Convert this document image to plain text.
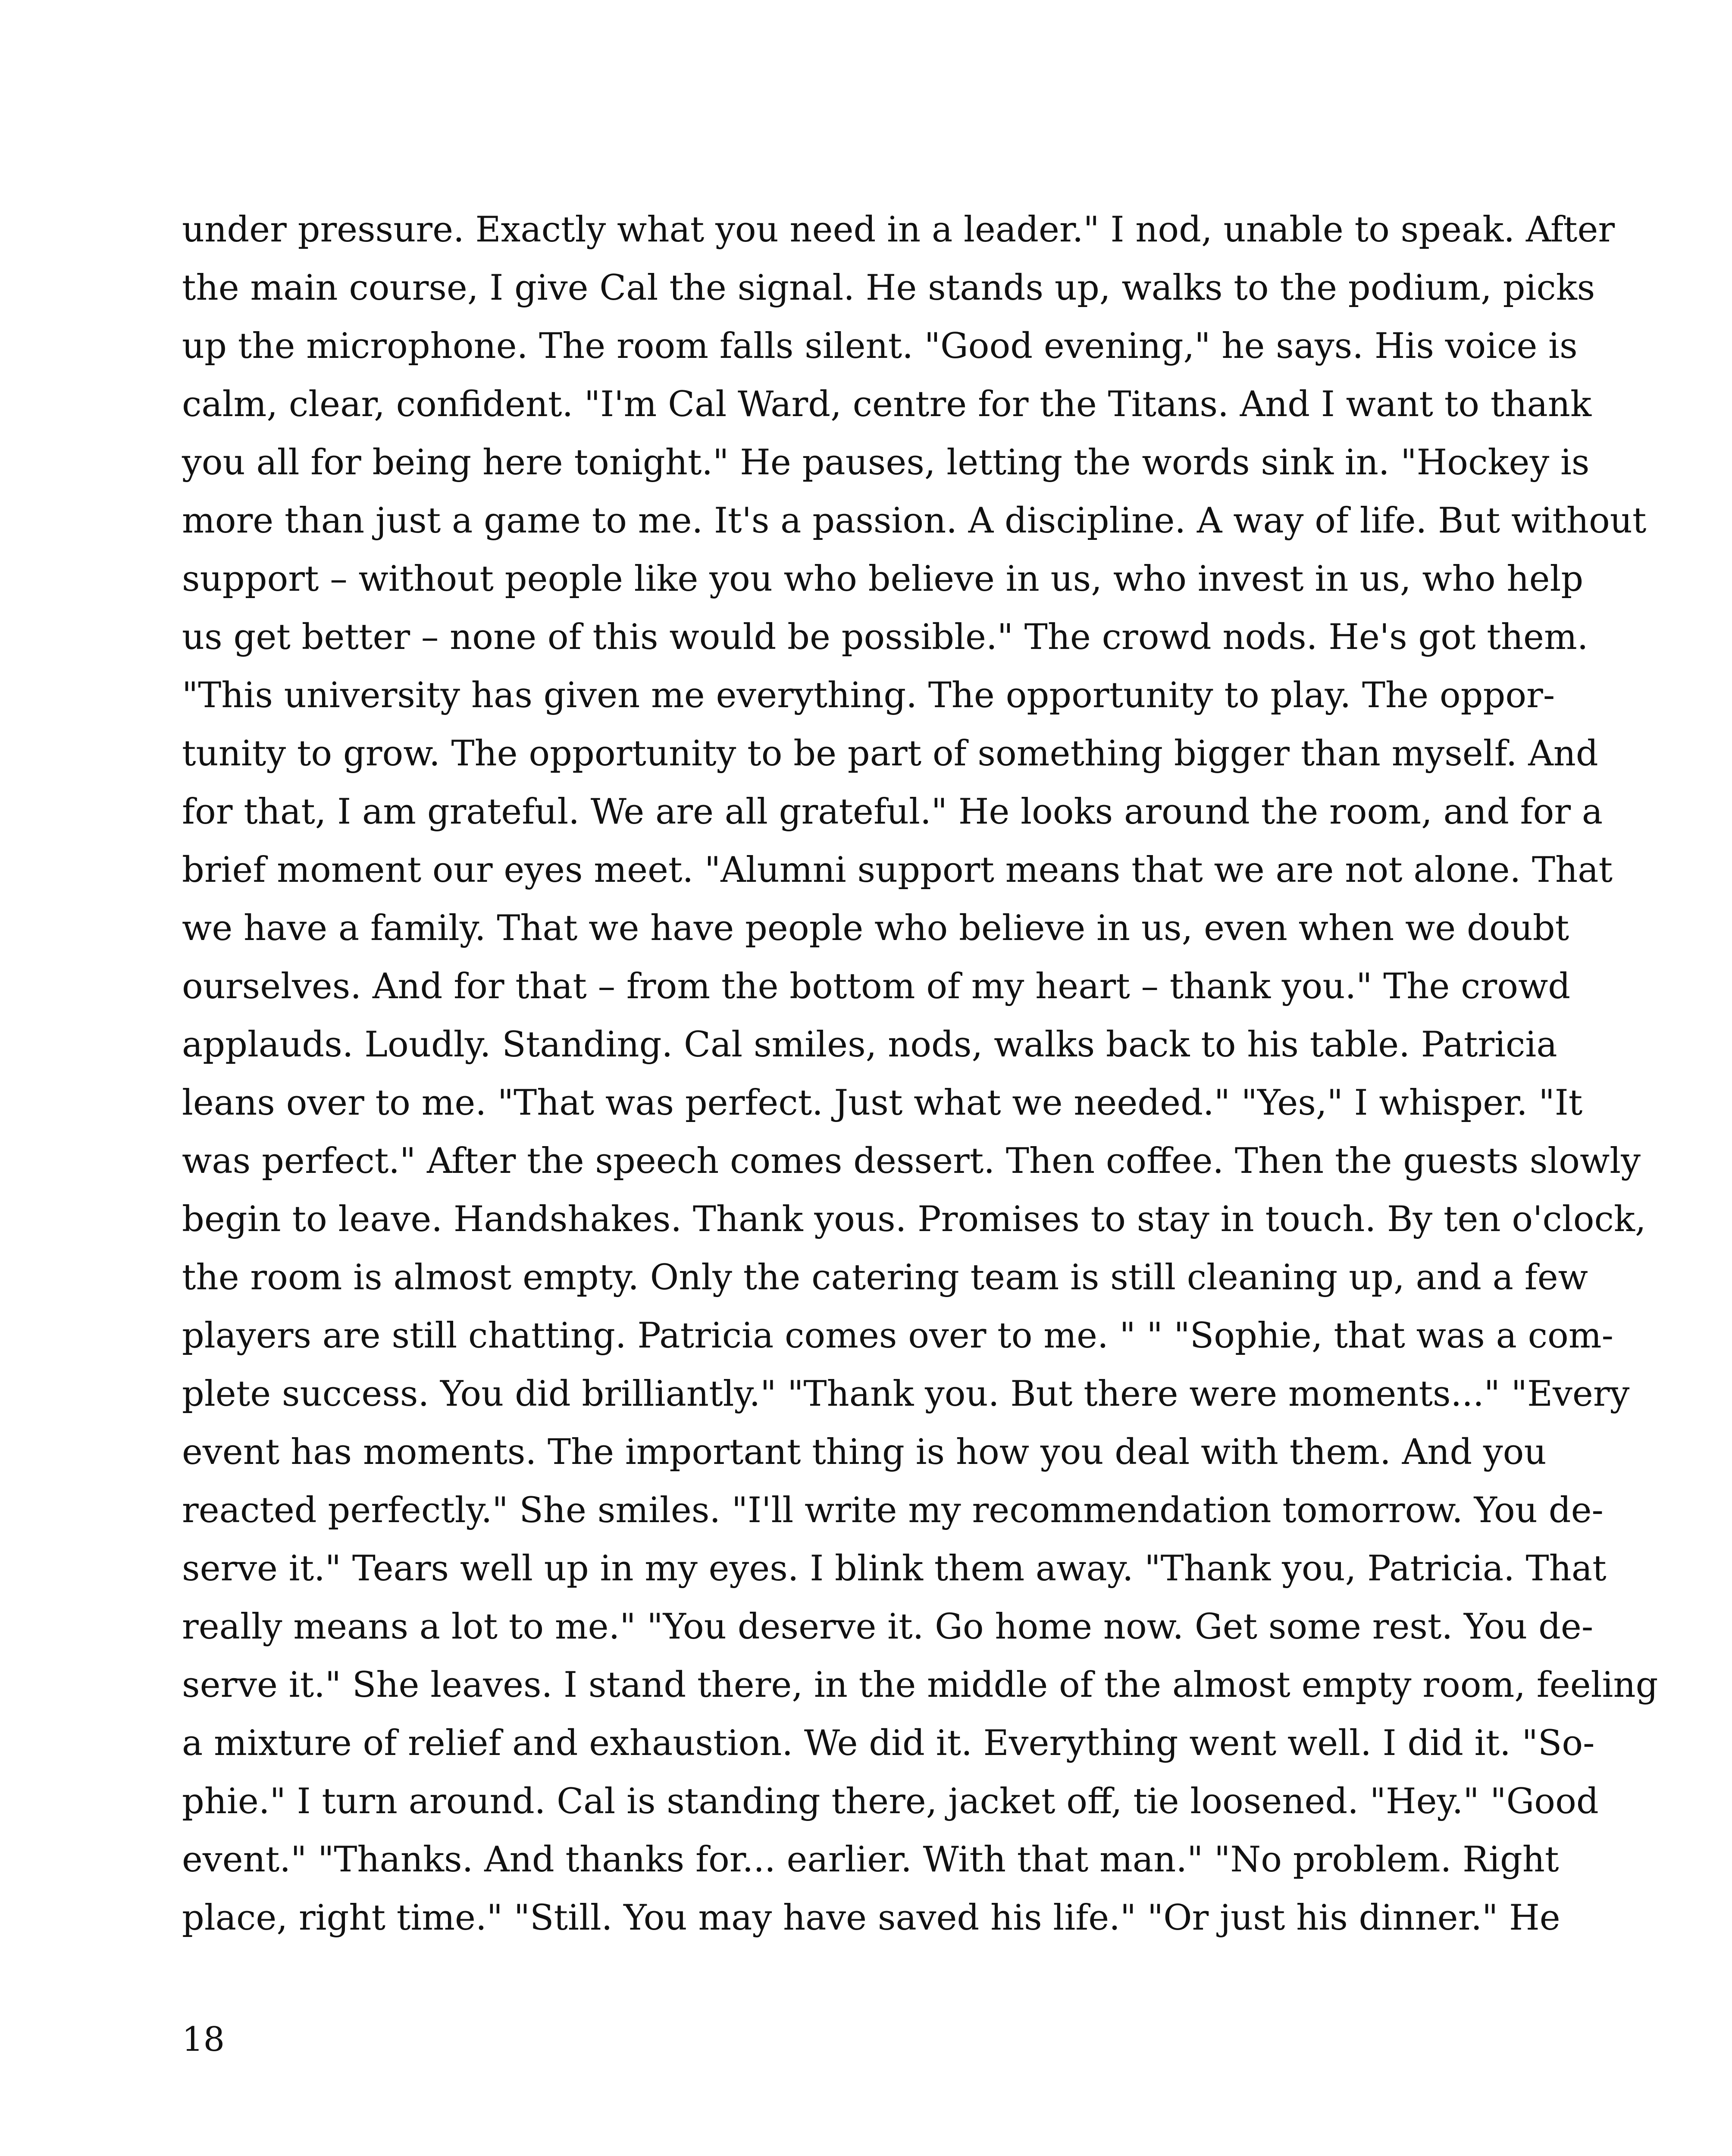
under pressure. Exactly what you need in a leader." I nod, unable to speak. After
the main course, I give Cal the signal. He stands up, walks to the podium, picks
up the microphone. The room falls silent. "Good evening," he says. His voice is
calm, clear, confident. "I'm Cal Ward, centre for the Titans. And I want to thank
you all for being here tonight." He pauses, letting the words sink in. "Hockey is
more than just a game to me. It's a passion. A discipline. A way of life. But without
support – without people like you who believe in us, who invest in us, who help
us get better – none of this would be possible." The crowd nods. He's got them.
"This university has given me everything. The opportunity to play. The oppor-
tunity to grow. The opportunity to be part of something bigger than myself. And
for that, I am grateful. We are all grateful." He looks around the room, and for a
brief moment our eyes meet. "Alumni support means that we are not alone. That
we have a family. That we have people who believe in us, even when we doubt
ourselves. And for that – from the bottom of my heart – thank you." The crowd
applauds. Loudly. Standing. Cal smiles, nods, walks back to his table. Patricia
leans over to me. "That was perfect. Just what we needed." "Yes," I whisper. "It
was perfect." After the speech comes dessert. Then coffee. Then the guests slowly
begin to leave. Handshakes. Thank yous. Promises to stay in touch. By ten o'clock,
the room is almost empty. Only the catering team is still cleaning up, and a few
players are still chatting. Patricia comes over to me. " " "Sophie, that was a com-
plete success. You did brilliantly." "Thank you. But there were moments..." "Every
event has moments. The important thing is how you deal with them. And you
reacted perfectly." She smiles. "I'll write my recommendation tomorrow. You de-
serve it." Tears well up in my eyes. I blink them away. "Thank you, Patricia. That
really means a lot to me." "You deserve it. Go home now. Get some rest. You de-
serve it." She leaves. I stand there, in the middle of the almost empty room, feeling
a mixture of relief and exhaustion. We did it. Everything went well. I did it. "So-
phie." I turn around. Cal is standing there, jacket off, tie loosened. "Hey." "Good
event." "Thanks. And thanks for... earlier. With that man." "No problem. Right
place, right time." "Still. You may have saved his life." "Or just his dinner." He
18
